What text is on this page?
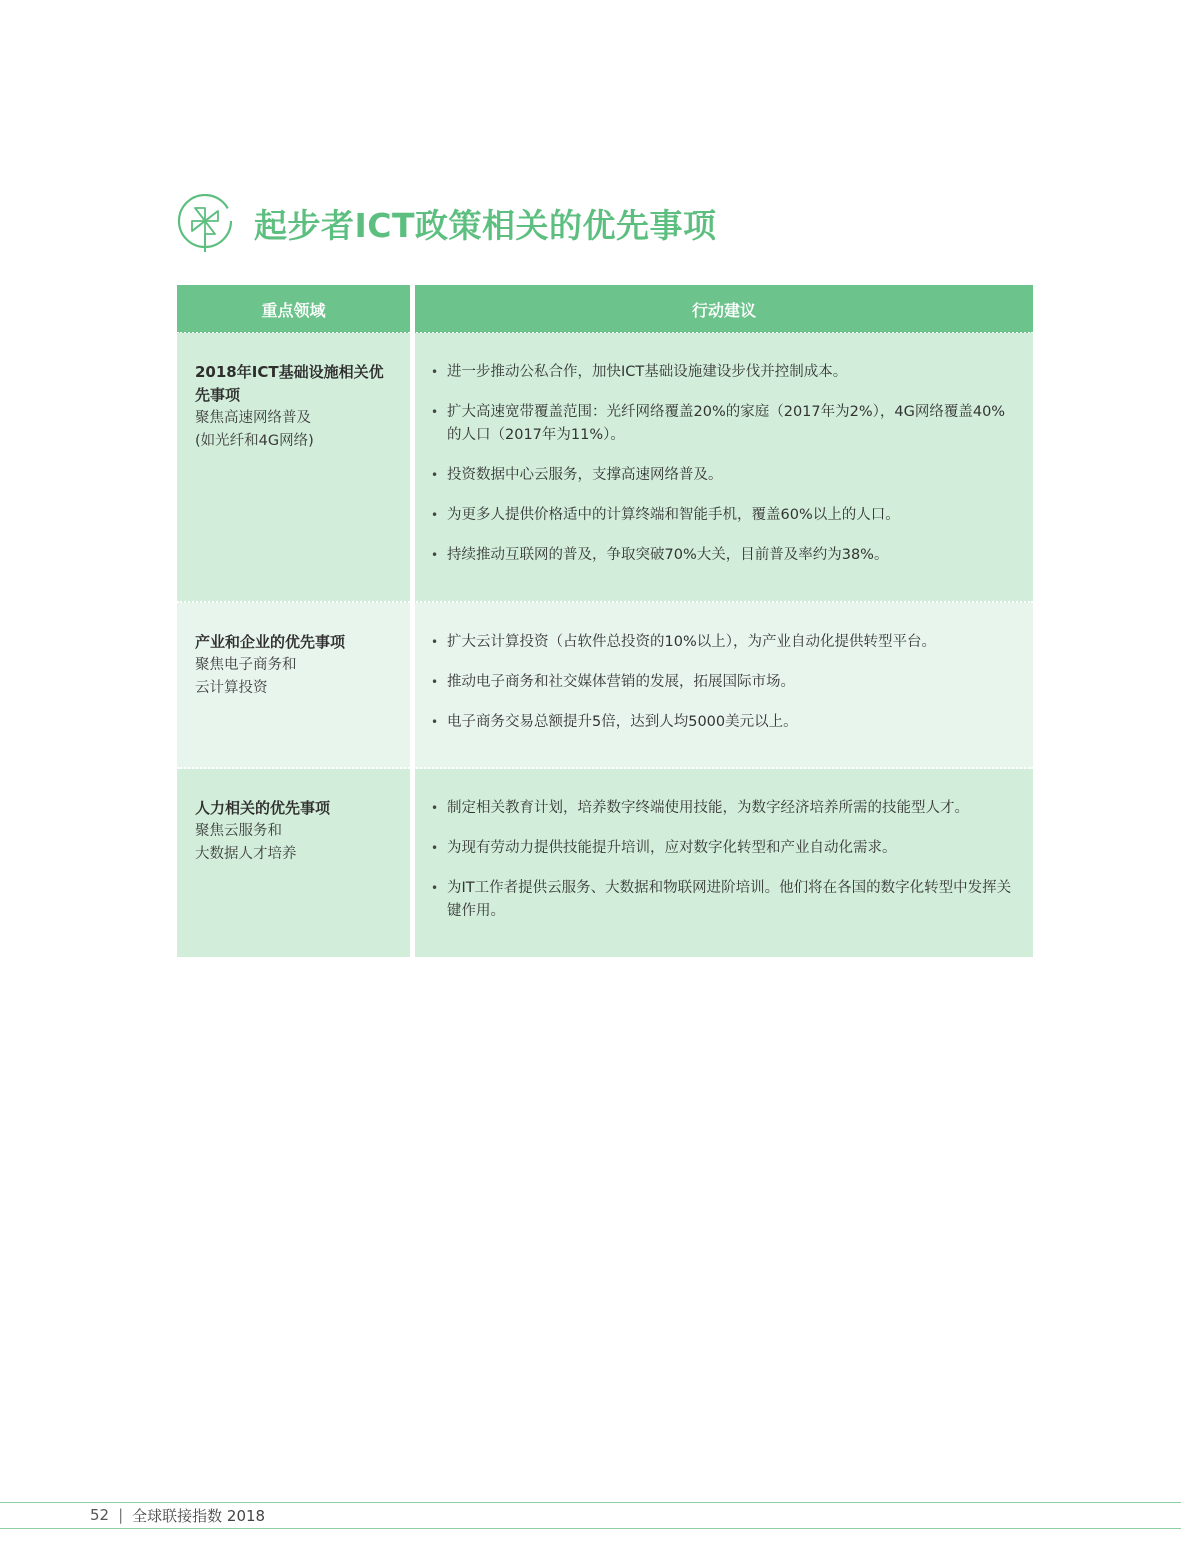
起步者ICT政策相关的优先事项
重点领域	行动建议
2018年ICT基础设施相关优先事项
聚焦高速网络普及
(如光纤和4G网络)
• 进一步推动公私合作，加快ICT基础设施建设步伐并控制成本。
• 扩大高速宽带覆盖范围：光纤网络覆盖20%的家庭（2017年为2%），4G网络覆盖40%的人口（2017年为11%）。
• 投资数据中心云服务，支撑高速网络普及。
• 为更多人提供价格适中的计算终端和智能手机，覆盖60%以上的人口。
• 持续推动互联网的普及，争取突破70%大关，目前普及率约为38%。
产业和企业的优先事项
聚焦电子商务和
云计算投资
• 扩大云计算投资（占软件总投资的10%以上），为产业自动化提供转型平台。
• 推动电子商务和社交媒体营销的发展，拓展国际市场。
• 电子商务交易总额提升5倍，达到人均5000美元以上。
人力相关的优先事项
聚焦云服务和
大数据人才培养
• 制定相关教育计划，培养数字终端使用技能，为数字经济培养所需的技能型人才。
• 为现有劳动力提供技能提升培训，应对数字化转型和产业自动化需求。
• 为IT工作者提供云服务、大数据和物联网进阶培训。他们将在各国的数字化转型中发挥关键作用。
52 | 全球联接指数 2018
